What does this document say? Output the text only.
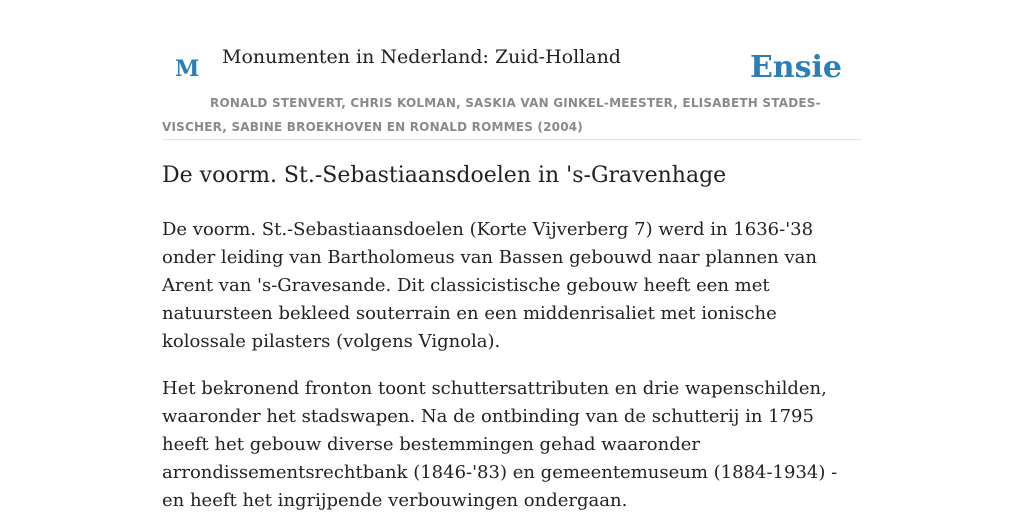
M Monumenten in Nederland: Zuid-Holland	Ensie
RONALD STENVERT, CHRIS KOLMAN, SASKIA VAN GINKEL-MEESTER, ELISABETH STADES-VISCHER, SABINE BROEKHOVEN EN RONALD ROMMES (2004)
De voorm. St.-Sebastiaansdoelen in 's-Gravenhage

De voorm. St.-Sebastiaansdoelen (Korte Vijverberg 7) werd in 1636-'38 onder leiding van Bartholomeus van Bassen gebouwd naar plannen van Arent van 's-Gravesande. Dit classicistische gebouw heeft een met natuursteen bekleed souterrain en een middenrisaliet met ionische kolossale pilasters (volgens Vignola).

Het bekronend fronton toont schuttersattributen en drie wapenschilden, waaronder het stadswapen. Na de ontbinding van de schutterij in 1795 heeft het gebouw diverse bestemmingen gehad waaronder arrondissementsrechtbank (1846-'83) en gemeentemuseum (1884-1934) - en heeft het ingrijpende verbouwingen ondergaan.
